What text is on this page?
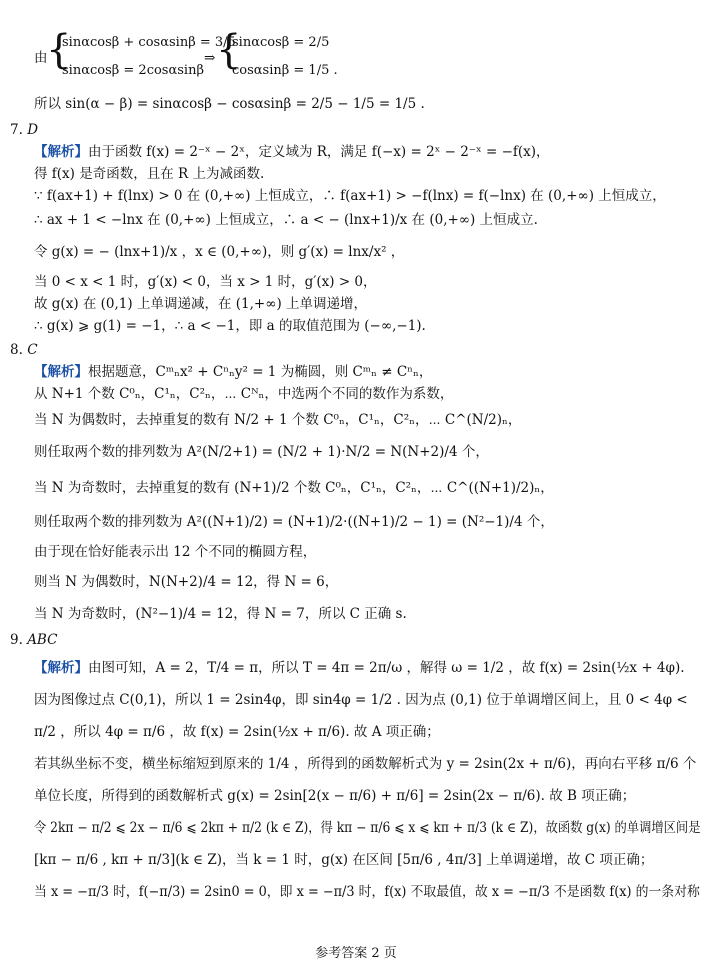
由
{
sinαcosβ + cosαsinβ = 3/5
sinαcosβ = 2cosαsinβ
⇒ {
sinαcosβ = 2/5
cosαsinβ = 1/5 .
所以 sin(α − β) = sinαcosβ − cosαsinβ = 2/5 − 1/5 = 1/5 .
7. D
【解析】由于函数 f(x) = 2⁻ˣ − 2ˣ，定义域为 R，满足 f(−x) = 2ˣ − 2⁻ˣ = −f(x)，
得 f(x) 是奇函数，且在 R 上为减函数.
∵ f(ax+1) + f(lnx) > 0 在 (0,+∞) 上恒成立，∴ f(ax+1) > −f(lnx) = f(−lnx) 在 (0,+∞) 上恒成立，
∴ ax + 1 < −lnx 在 (0,+∞) 上恒成立，∴ a < − (lnx+1)/x 在 (0,+∞) 上恒成立.
令 g(x) = − (lnx+1)/x ，x ∈ (0,+∞)，则 g′(x) = lnx/x² ，
当 0 < x < 1 时，g′(x) < 0，当 x > 1 时，g′(x) > 0，
故 g(x) 在 (0,1) 上单调递减，在 (1,+∞) 上单调递增，
∴ g(x) ⩾ g(1) = −1，∴ a < −1，即 a 的取值范围为 (−∞,−1).
8. C
【解析】根据题意，Cᵐₙx² + Cⁿₙy² = 1 为椭圆，则 Cᵐₙ ≠ Cⁿₙ，
从 N+1 个数 C⁰ₙ，C¹ₙ，C²ₙ，⋯ Cᴺₙ，中选两个不同的数作为系数，
当 N 为偶数时，去掉重复的数有 N/2 + 1 个数 C⁰ₙ，C¹ₙ，C²ₙ，⋯ C^(N/2)ₙ，
则任取两个数的排列数为 A²(N/2+1) = (N/2 + 1)·N/2 = N(N+2)/4 个，
当 N 为奇数时，去掉重复的数有 (N+1)/2 个数 C⁰ₙ，C¹ₙ，C²ₙ，⋯ C^((N+1)/2)ₙ，
则任取两个数的排列数为 A²((N+1)/2) = (N+1)/2·((N+1)/2 − 1) = (N²−1)/4 个，
由于现在恰好能表示出 12 个不同的椭圆方程，
则当 N 为偶数时，N(N+2)/4 = 12，得 N = 6，
当 N 为奇数时，(N²−1)/4 = 12，得 N = 7，所以 C 正确 s.
9. ABC
【解析】由图可知，A = 2，T/4 = π，所以 T = 4π = 2π/ω ，解得 ω = 1/2 ，故 f(x) = 2sin(½x + 4φ).
因为图像过点 C(0,1)，所以 1 = 2sin4φ，即 sin4φ = 1/2 . 因为点 (0,1) 位于单调增区间上，且 0 < 4φ <
π/2 ，所以 4φ = π/6 ，故 f(x) = 2sin(½x + π/6). 故 A 项正确；
若其纵坐标不变，横坐标缩短到原来的 1/4 ，所得到的函数解析式为 y = 2sin(2x + π/6)，再向右平移 π/6 个
单位长度，所得到的函数解析式 g(x) = 2sin[2(x − π/6) + π/6] = 2sin(2x − π/6). 故 B 项正确；
令 2kπ − π/2 ⩽ 2x − π/6 ⩽ 2kπ + π/2 (k ∈ Z)，得 kπ − π/6 ⩽ x ⩽ kπ + π/3 (k ∈ Z)，故函数 g(x) 的单调增区间是
[kπ − π/6 , kπ + π/3](k ∈ Z)，当 k = 1 时，g(x) 在区间 [5π/6 , 4π/3] 上单调递增，故 C 项正确；
当 x = −π/3 时，f(−π/3) = 2sin0 = 0，即 x = −π/3 时，f(x) 不取最值，故 x = −π/3 不是函数 f(x) 的一条对称
参考答案 2 页
